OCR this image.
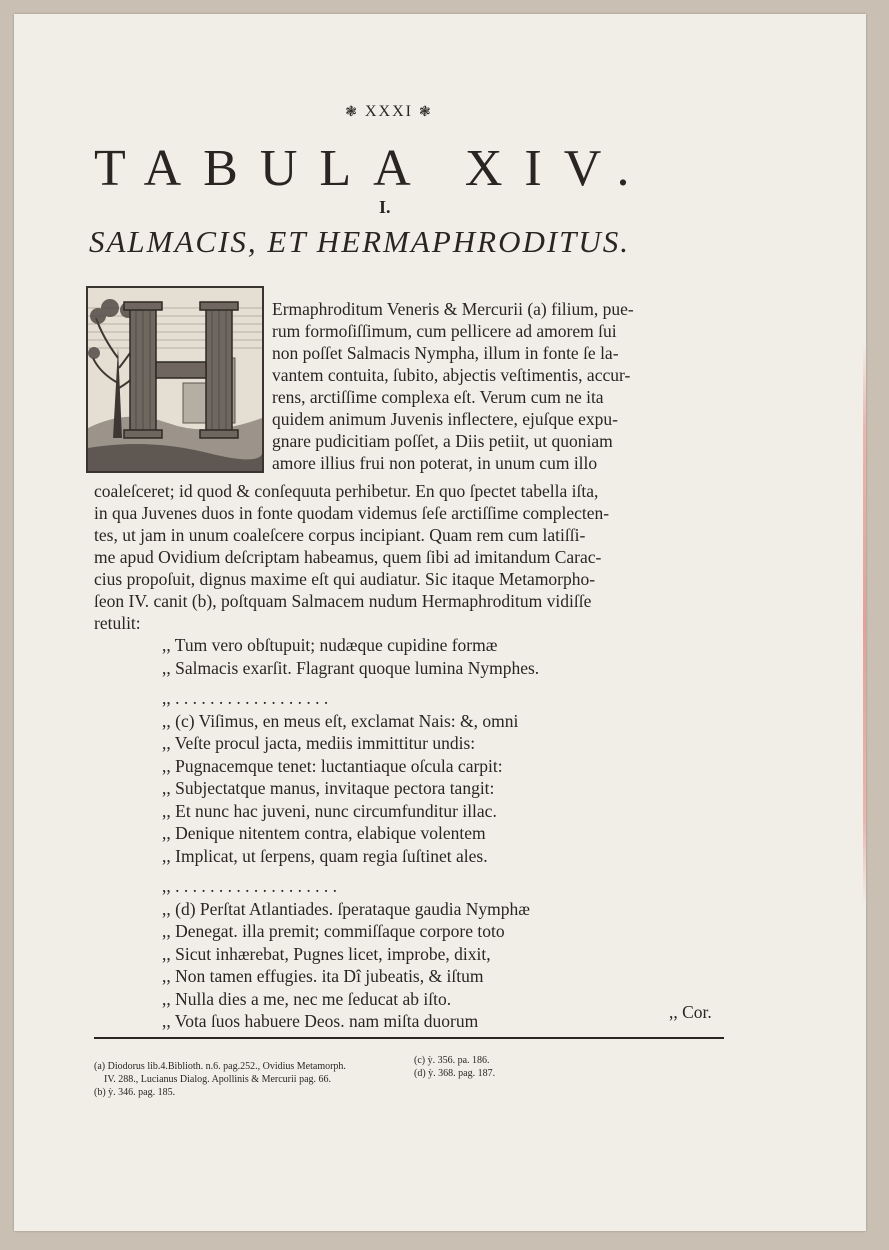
❃ XXXI ❃
TABULA XIV.
I.
SALMACIS, ET HERMAPHRODITUS.
Ermaphroditum Veneris & Mercurii (a) filium, pue-
rum formoſiſſimum, cum pellicere ad amorem ſui
non poſſet Salmacis Nympha, illum in fonte ſe la-
vantem contuita, ſubito, abjectis veſtimentis, accur-
rens, arctiſſime complexa eſt. Verum cum ne ita
quidem animum Juvenis inflectere, ejuſque expu-
gnare pudicitiam poſſet, a Diis petiit, ut quoniam
amore illius frui non poterat, in unum cum illo
coaleſceret; id quod & conſequuta perhibetur. En quo ſpectet tabella iſta,
in qua Juvenes duos in fonte quodam videmus ſeſe arctiſſime complecten-
tes, ut jam in unum coaleſcere corpus incipiant. Quam rem cum latiſſi-
me apud Ovidium deſcriptam habeamus, quem ſibi ad imitandum Carac-
cius propoſuit, dignus maxime eſt qui audiatur. Sic itaque Metamorpho-
ſeon IV. canit (b), poſtquam Salmacem nudum Hermaphroditum vidiſſe
retulit:
,, Tum vero obſtupuit; nudæque cupidine formæ
,, Salmacis exarſit. Flagrant quoque lumina Nymphes.
,, . . . . . . . . . . . . . . . . . .
,, (c) Viſimus, en meus eſt, exclamat Nais: &, omni
,, Veſte procul jacta, mediis immittitur undis:
,, Pugnacemque tenet: luctantiaque oſcula carpit:
,, Subjectatque manus, invitaque pectora tangit:
,, Et nunc hac juveni, nunc circumfunditur illac.
,, Denique nitentem contra, elabique volentem
,, Implicat, ut ſerpens, quam regia ſuſtinet ales.
,, . . . . . . . . . . . . . . . . . . .
,, (d) Perſtat Atlantiades. ſperataque gaudia Nymphæ
,, Denegat. illa premit; commiſſaque corpore toto
,, Sicut inhærebat, Pugnes licet, improbe, dixit,
,, Non tamen effugies. ita Dî jubeatis, & iſtum
,, Nulla dies a me, nec me ſeducat ab iſto.
,, Vota ſuos habuere Deos. nam miſta duorum	,, Cor.
(a) Diodorus lib.4.Biblioth. n.6. pag.252., Ovidius Metamorph.
IV. 288., Lucianus Dialog. Apollinis & Mercurii pag. 66.
(b) ỳ. 346. pag. 185.
(c) ỳ. 356. pa. 186.
(d) ỳ. 368. pag. 187.
